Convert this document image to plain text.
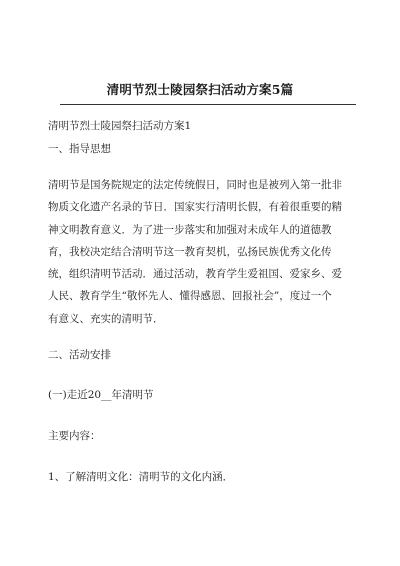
清明节烈士陵园祭扫活动方案5篇
清明节烈士陵园祭扫活动方案1
一、指导思想
清明节是国务院规定的法定传统假日，同时也是被列入第一批非
物质文化遗产名录的节日．国家实行清明长假，有着很重要的精
神文明教育意义．为了进一步落实和加强对未成年人的道德教
育，我校决定结合清明节这一教育契机，弘扬民族优秀文化传
统，组织清明节活动．通过活动，教育学生爱祖国、爱家乡、爱
人民、教育学生“敬怀先人、懂得感恩、回报社会”，度过一个
有意义、充实的清明节．
二、活动安排
(一)走近20__年清明节
主要内容：
1、了解清明文化：清明节的文化内涵．
